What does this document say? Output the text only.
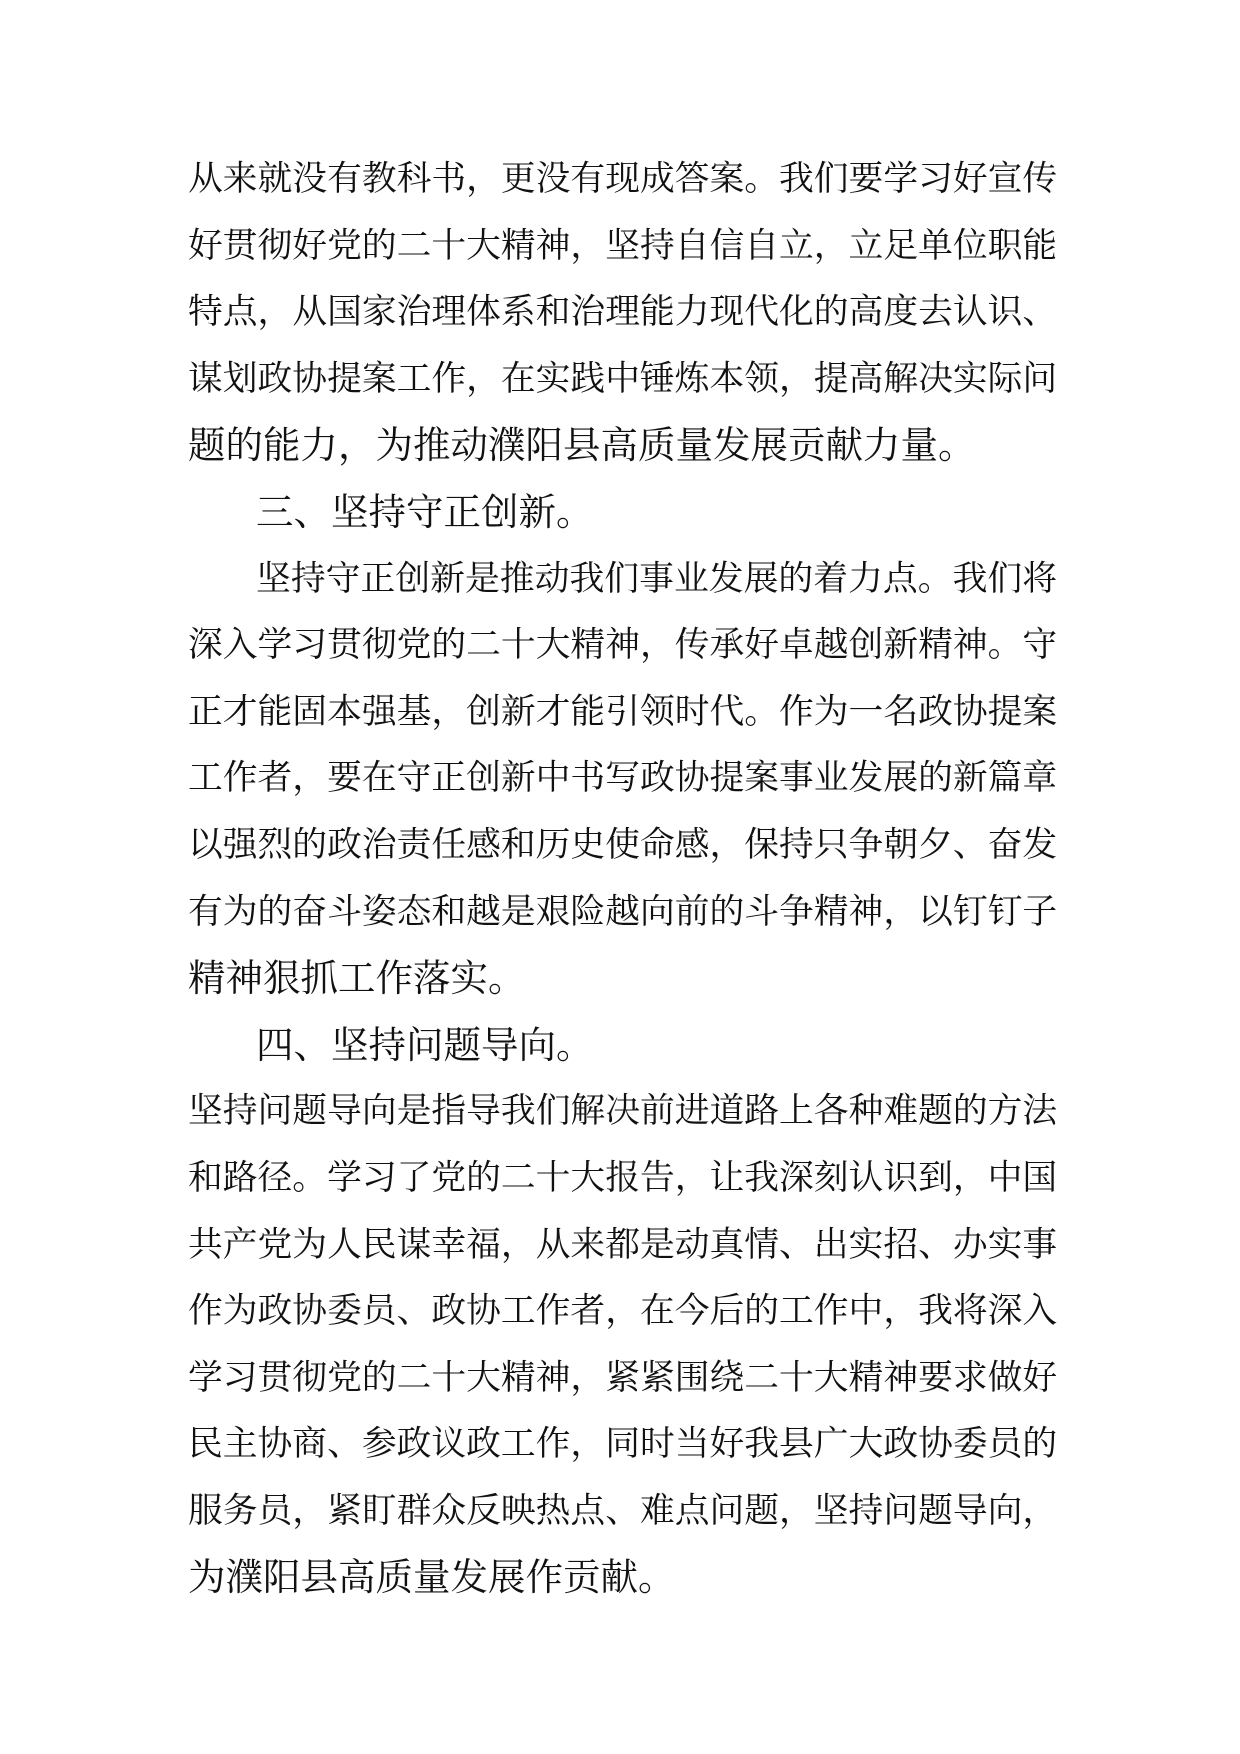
从来就没有教科书，更没有现成答案。我们要学习好宣传
好贯彻好党的二十大精神，坚持自信自立，立足单位职能
特点，从国家治理体系和治理能力现代化的高度去认识、
谋划政协提案工作，在实践中锤炼本领，提高解决实际问
题的能力，为推动濮阳县高质量发展贡献力量。
三、坚持守正创新。
坚持守正创新是推动我们事业发展的着力点。我们将
深入学习贯彻党的二十大精神，传承好卓越创新精神。守
正才能固本强基，创新才能引领时代。作为一名政协提案
工作者，要在守正创新中书写政协提案事业发展的新篇章
以强烈的政治责任感和历史使命感，保持只争朝夕、奋发
有为的奋斗姿态和越是艰险越向前的斗争精神，以钉钉子
精神狠抓工作落实。
四、坚持问题导向。
坚持问题导向是指导我们解决前进道路上各种难题的方法
和路径。学习了党的二十大报告，让我深刻认识到，中国
共产党为人民谋幸福，从来都是动真情、出实招、办实事
作为政协委员、政协工作者，在今后的工作中，我将深入
学习贯彻党的二十大精神，紧紧围绕二十大精神要求做好
民主协商、参政议政工作，同时当好我县广大政协委员的
服务员，紧盯群众反映热点、难点问题，坚持问题导向，
为濮阳县高质量发展作贡献。
